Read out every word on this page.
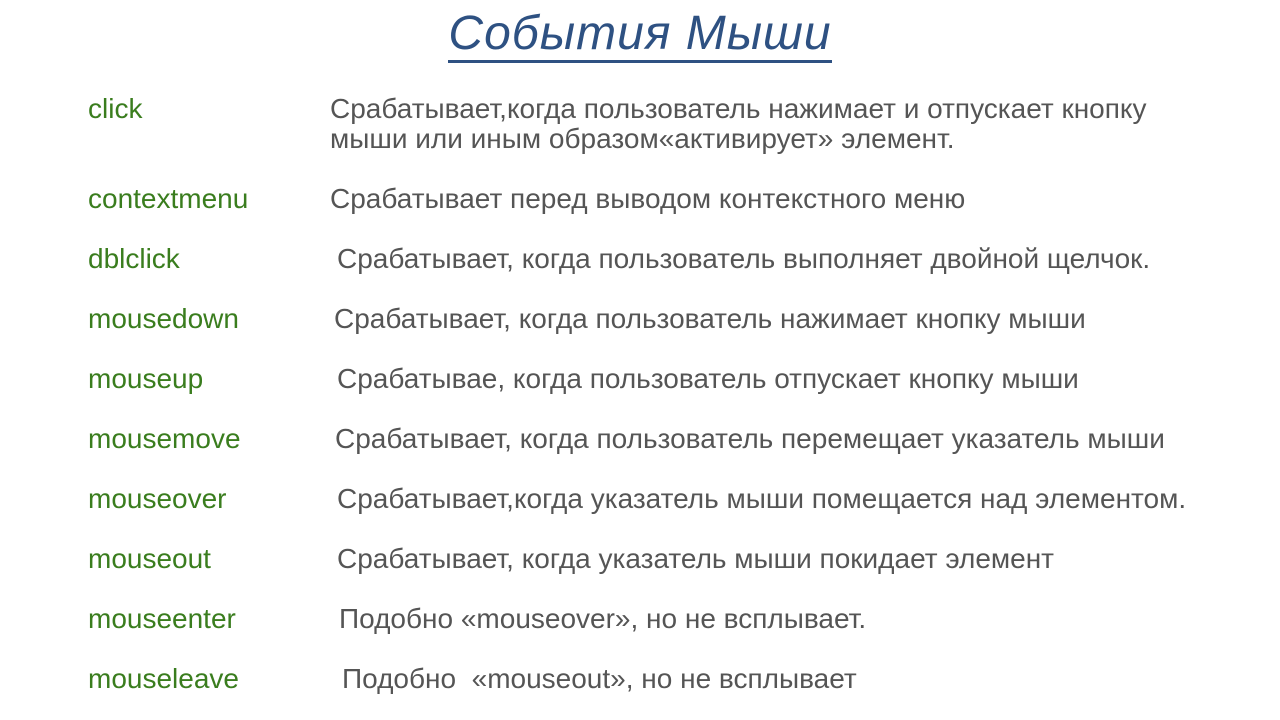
События Мыши
click	Срабатывает,когда пользователь нажимает и отпускает кнопку мыши или иным образом«активирует» элемент.
contextmenu	Срабатывает перед выводом контекстного меню
dblclick	Срабатывает, когда пользователь выполняет двойной щелчок.
mousedown	Срабатывает, когда пользователь нажимает кнопку мыши
mouseup	Срабатывае, когда пользователь отпускает кнопку мыши
mousemove	Срабатывает, когда пользователь перемещает указатель мыши
mouseover	Срабатывает,когда указатель мыши помещается над элементом.
mouseout	Срабатывает, когда указатель мыши покидает элемент
mouseenter	Подобно «mouseover», но не всплывает.
mouseleave	Подобно  «mouseout», но не всплывает
